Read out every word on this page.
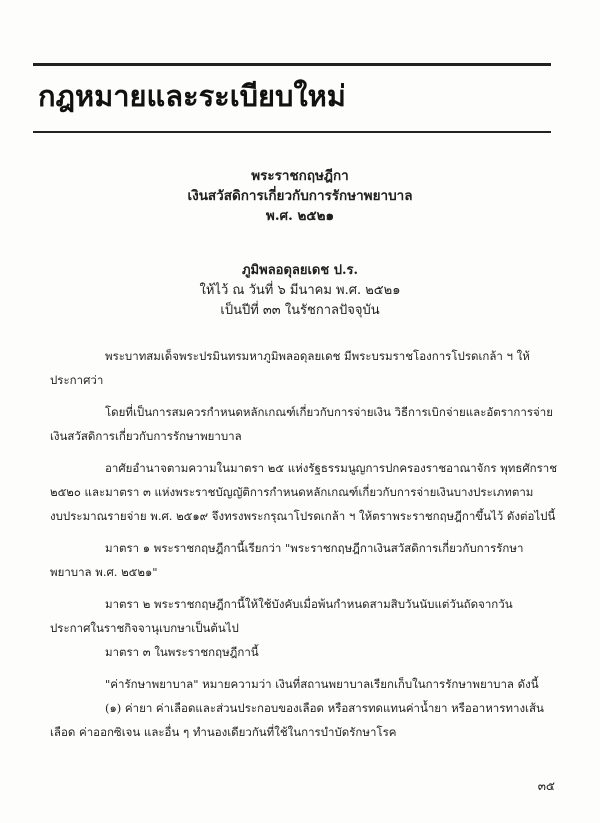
กฎหมายและระเบียบใหม่
พระราชกฤษฎีกา
เงินสวัสดิการเกี่ยวกับการรักษาพยาบาล
พ.ศ. ๒๕๒๑
ภูมิพลอดุลยเดช ป.ร.
ให้ไว้ ณ วันที่ ๖ มีนาคม พ.ศ. ๒๕๒๑
เป็นปีที่ ๓๓ ในรัชกาลปัจจุบัน
พระบาทสมเด็จพระปรมินทรมหาภูมิพลอดุลยเดช มีพระบรมราชโองการโปรดเกล้า ฯ ให้
ประกาศว่า
โดยที่เป็นการสมควรกำหนดหลักเกณฑ์เกี่ยวกับการจ่ายเงิน วิธีการเบิกจ่ายและอัตราการจ่าย
เงินสวัสดิการเกี่ยวกับการรักษาพยาบาล
อาศัยอำนาจตามความในมาตรา ๒๕ แห่งรัฐธรรมนูญการปกครองราชอาณาจักร พุทธศักราช
๒๕๒๐ และมาตรา ๓ แห่งพระราชบัญญัติการกำหนดหลักเกณฑ์เกี่ยวกับการจ่ายเงินบางประเภทตาม
งบประมาณรายจ่าย พ.ศ. ๒๕๑๙ จึงทรงพระกรุณาโปรดเกล้า ฯ ให้ตราพระราชกฤษฎีกาขึ้นไว้ ดังต่อไปนี้
มาตรา ๑ พระราชกฤษฎีกานี้เรียกว่า "พระราชกฤษฎีกาเงินสวัสดิการเกี่ยวกับการรักษา
พยาบาล พ.ศ. ๒๕๒๑"
มาตรา ๒ พระราชกฤษฎีกานี้ให้ใช้บังคับเมื่อพ้นกำหนดสามสิบวันนับแต่วันถัดจากวัน
ประกาศในราชกิจจานุเบกษาเป็นต้นไป
มาตรา ๓ ในพระราชกฤษฎีกานี้
"ค่ารักษาพยาบาล" หมายความว่า เงินที่สถานพยาบาลเรียกเก็บในการรักษาพยาบาล ดังนี้
(๑) ค่ายา ค่าเลือดและส่วนประกอบของเลือด หรือสารทดแทนค่าน้ำยา หรืออาหารทางเส้น
เลือด ค่าออกซิเจน และอื่น ๆ ทำนองเดียวกันที่ใช้ในการบำบัดรักษาโรค
๓๕
